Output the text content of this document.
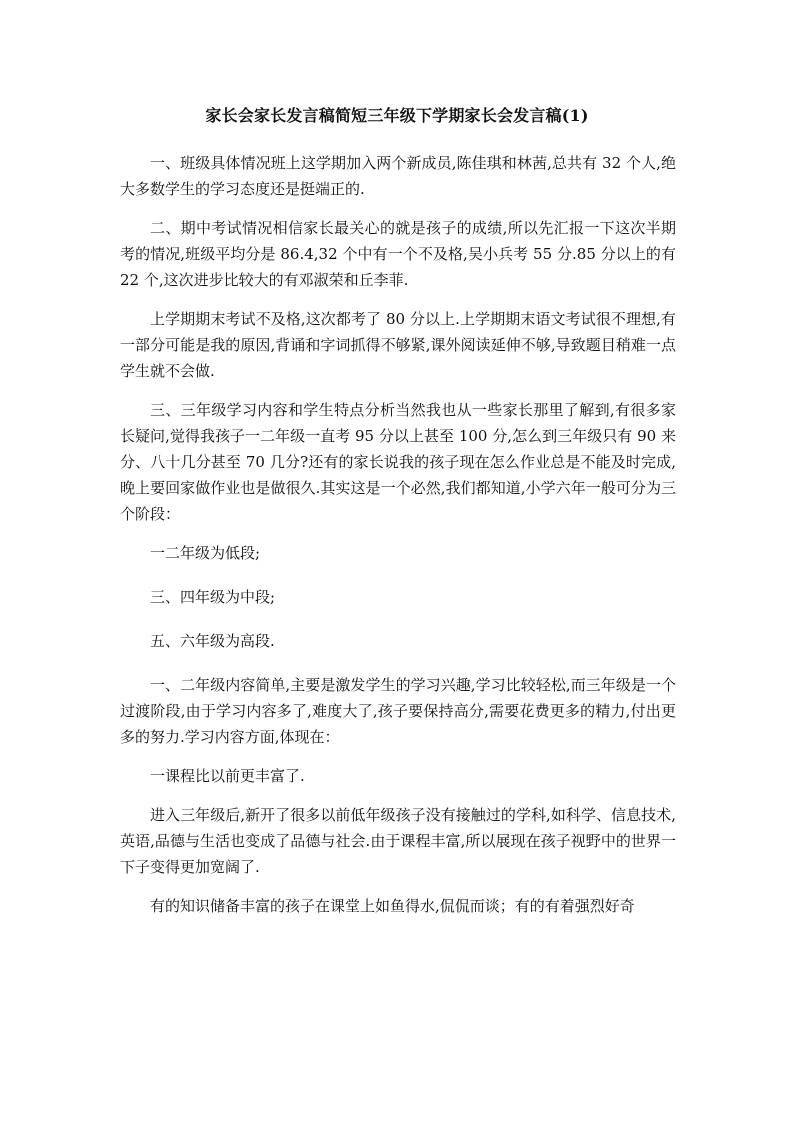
家长会家长发言稿简短三年级下学期家长会发言稿(1)

一、班级具体情况班上这学期加入两个新成员,陈佳琪和林茜,总共有 32 个人,绝大多数学生的学习态度还是挺端正的.

二、期中考试情况相信家长最关心的就是孩子的成绩,所以先汇报一下这次半期考的情况,班级平均分是 86.4,32 个中有一个不及格,吴小兵考 55 分.85 分以上的有 22 个,这次进步比较大的有邓淑荣和丘李菲.

上学期期末考试不及格,这次都考了 80 分以上.上学期期末语文考试很不理想,有一部分可能是我的原因,背诵和字词抓得不够紧,课外阅读延伸不够,导致题目稍难一点学生就不会做.

三、三年级学习内容和学生特点分析当然我也从一些家长那里了解到,有很多家长疑问,觉得我孩子一二年级一直考 95 分以上甚至 100 分,怎么到三年级只有 90 来分、八十几分甚至 70 几分?还有的家长说我的孩子现在怎么作业总是不能及时完成,晚上要回家做作业也是做很久.其实这是一个必然,我们都知道,小学六年一般可分为三个阶段：

一二年级为低段;

三、四年级为中段;

五、六年级为高段.

一、二年级内容简单,主要是激发学生的学习兴趣,学习比较轻松,而三年级是一个过渡阶段,由于学习内容多了,难度大了,孩子要保持高分,需要花费更多的精力,付出更多的努力.学习内容方面,体现在：

一课程比以前更丰富了.

进入三年级后,新开了很多以前低年级孩子没有接触过的学科,如科学、信息技术,英语,品德与生活也变成了品德与社会.由于课程丰富,所以展现在孩子视野中的世界一下子变得更加宽阔了.

有的知识储备丰富的孩子在课堂上如鱼得水,侃侃而谈；有的有着强烈好奇
